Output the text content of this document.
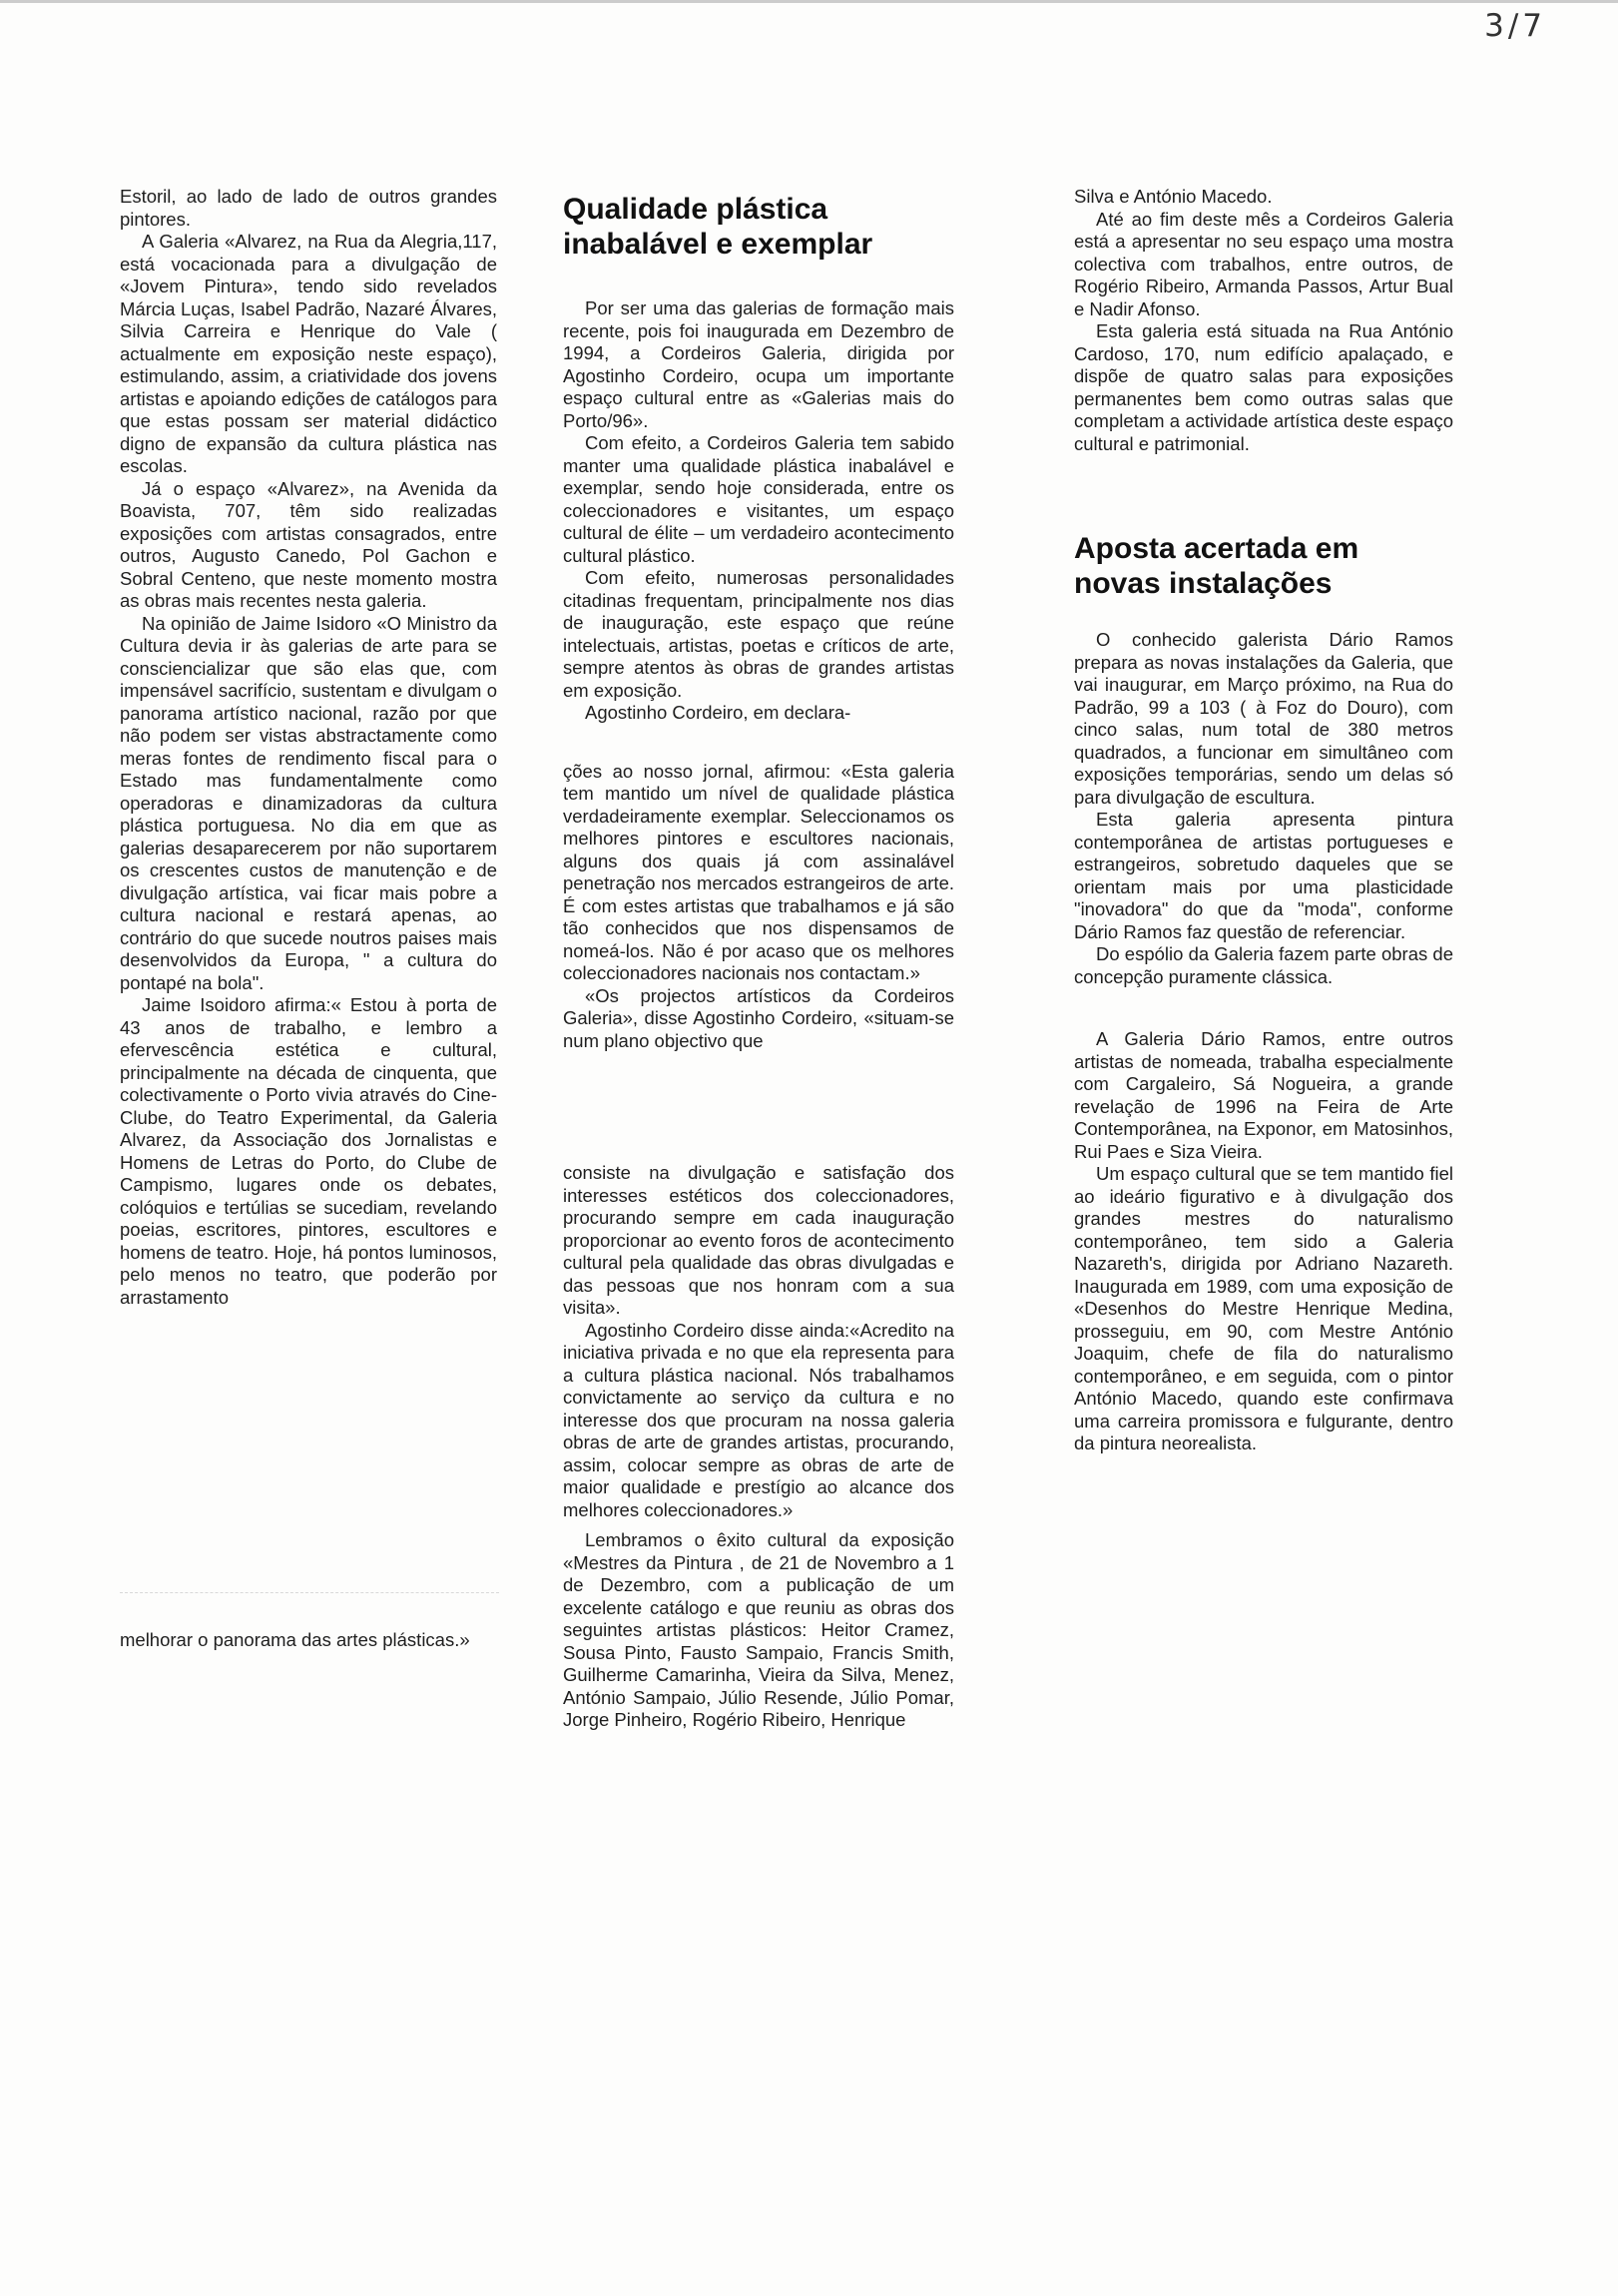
3/7

Estoril, ao lado de lado de outros grandes pintores.

A Galeria «Alvarez, na Rua da Alegria,117, está vocacionada para a divulgação de «Jovem Pintura», tendo sido revelados Márcia Luças, Isabel Padrão, Nazaré Álvares, Silvia Carreira e Henrique do Vale ( actualmente em exposição neste espaço), estimulando, assim, a criatividade dos jovens artistas e apoiando edições de catálogos para que estas possam ser material didáctico digno de expansão da cultura plástica nas escolas.

Já o espaço «Alvarez», na Avenida da Boavista, 707, têm sido realizadas exposições com artistas consagrados, entre outros, Augusto Canedo, Pol Gachon e Sobral Centeno, que neste momento mostra as obras mais recentes nesta galeria.

Na opinião de Jaime Isidoro «O Ministro da Cultura devia ir às galerias de arte para se consciencializar que são elas que, com impensável sacrifício, sustentam e divulgam o panorama artístico nacional, razão por que não podem ser vistas abstractamente como meras fontes de rendimento fiscal para o Estado mas fundamentalmente como operadoras e dinamizadoras da cultura plástica portuguesa. No dia em que as galerias desaparecerem por não suportarem os crescentes custos de manutenção e de divulgação artística, vai ficar mais pobre a cultura nacional e restará apenas, ao contrário do que sucede noutros paises mais desenvolvidos da Europa, " a cultura do pontapé na bola".

Jaime Isoidoro afirma:« Estou à porta de 43 anos de trabalho, e lembro a efervescência estética e cultural, principalmente na década de cinquenta, que colectivamente o Porto vivia através do Cine-Clube, do Teatro Experimental, da Galeria Alvarez, da Associação dos Jornalistas e Homens de Letras do Porto, do Clube de Campismo, lugares onde os debates, colóquios e tertúlias se sucediam, revelando poeias, escritores, pintores, escultores e homens de teatro. Hoje, há pontos luminosos, pelo menos no teatro, que poderão por arrastamento

melhorar o panorama das artes plásticas.»

Qualidade plástica inabalável e exemplar

Por ser uma das galerias de formação mais recente, pois foi inaugurada em Dezembro de 1994, a Cordeiros Galeria, dirigida por Agostinho Cordeiro, ocupa um importante espaço cultural entre as «Galerias mais do Porto/96».

Com efeito, a Cordeiros Galeria tem sabido manter uma qualidade plástica inabalável e exemplar, sendo hoje considerada, entre os coleccionadores e visitantes, um espaço cultural de élite – um verdadeiro acontecimento cultural plástico.

Com efeito, numerosas personalidades citadinas frequentam, principalmente nos dias de inauguração, este espaço que reúne intelectuais, artistas, poetas e críticos de arte, sempre atentos às obras de grandes artistas em exposição.

Agostinho Cordeiro, em declara-

ções ao nosso jornal, afirmou: «Esta galeria tem mantido um nível de qualidade plástica verdadeiramente exemplar. Seleccionamos os melhores pintores e escultores nacionais, alguns dos quais já com assinalável penetração nos mercados estrangeiros de arte. É com estes artistas que trabalhamos e já são tão conhecidos que nos dispensamos de nomeá-los. Não é por acaso que os melhores coleccionadores nacionais nos contactam.»

«Os projectos artísticos da Cordeiros Galeria», disse Agostinho Cordeiro, «situam-se num plano objectivo que

consiste na divulgação e satisfação dos interesses estéticos dos coleccionadores, procurando sempre em cada inauguração proporcionar ao evento foros de acontecimento cultural pela qualidade das obras divulgadas e das pessoas que nos honram com a sua visita».

Agostinho Cordeiro disse ainda:«Acredito na iniciativa privada e no que ela representa para a cultura plástica nacional. Nós trabalhamos convictamente ao serviço da cultura e no interesse dos que procuram na nossa galeria obras de arte de grandes artistas, procurando, assim, colocar sempre as obras de arte de maior qualidade e prestígio ao alcance dos melhores coleccionadores.»

Lembramos o êxito cultural da exposição «Mestres da Pintura , de 21 de Novembro a 1 de Dezembro, com a publicação de um excelente catálogo e que reuniu as obras dos seguintes artistas plásticos: Heitor Cramez, Sousa Pinto, Fausto Sampaio, Francis Smith, Guilherme Camarinha, Vieira da Silva, Menez, António Sampaio, Júlio Resende, Júlio Pomar, Jorge Pinheiro, Rogério Ribeiro, Henrique

Silva e António Macedo.

Até ao fim deste mês a Cordeiros Galeria está a apresentar no seu espaço uma mostra colectiva com trabalhos, entre outros, de Rogério Ribeiro, Armanda Passos, Artur Bual e Nadir Afonso.

Esta galeria está situada na Rua António Cardoso, 170, num edifício apalaçado, e dispõe de quatro salas para exposições permanentes bem como outras salas que completam a actividade artística deste espaço cultural e patrimonial.

Aposta acertada em novas instalações

O conhecido galerista Dário Ramos prepara as novas instalações da Galeria, que vai inaugurar, em Março próximo, na Rua do Padrão, 99 a 103 ( à Foz do Douro), com cinco salas, num total de 380 metros quadrados, a funcionar em simultâneo com exposições temporárias, sendo um delas só para divulgação de escultura.

Esta galeria apresenta pintura contemporânea de artistas portugueses e estrangeiros, sobretudo daqueles que se orientam mais por uma plasticidade "inovadora" do que da "moda", conforme Dário Ramos faz questão de referenciar.

Do espólio da Galeria fazem parte obras de concepção puramente clássica.

A Galeria Dário Ramos, entre outros artistas de nomeada, trabalha especialmente com Cargaleiro, Sá Nogueira, a grande revelação de 1996 na Feira de Arte Contemporânea, na Exponor, em Matosinhos, Rui Paes e Siza Vieira.

Um espaço cultural que se tem mantido fiel ao ideário figurativo e à divulgação dos grandes mestres do naturalismo contemporâneo, tem sido a Galeria Nazareth's, dirigida por Adriano Nazareth. Inaugurada em 1989, com uma exposição de «Desenhos do Mestre Henrique Medina, prosseguiu, em 90, com Mestre António Joaquim, chefe de fila do naturalismo contemporâneo, e em seguida, com o pintor António Macedo, quando este confirmava uma carreira promissora e fulgurante, dentro da pintura neorealista.
